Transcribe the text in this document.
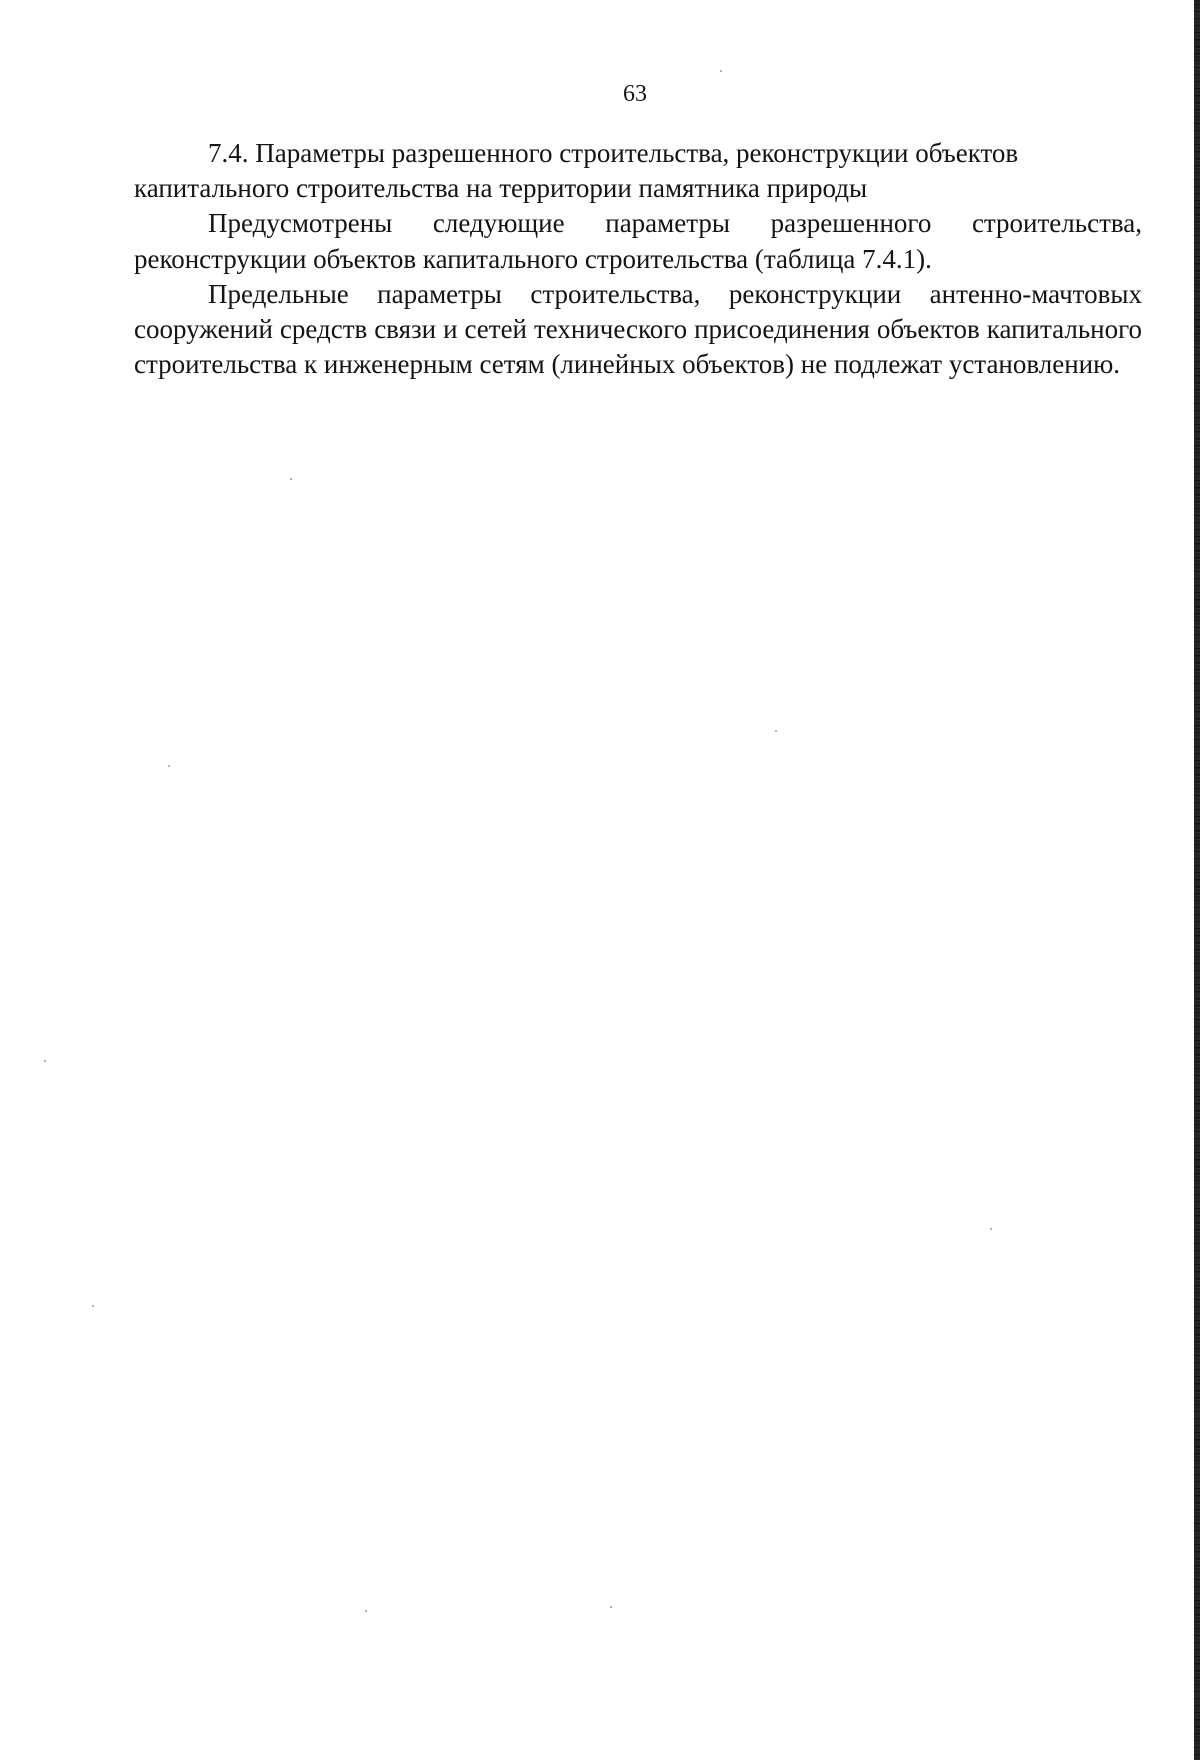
63

7.4. Параметры разрешенного строительства, реконструкции объектов капитального строительства на территории памятника природы

Предусмотрены следующие параметры разрешенного строительства, реконструкции объектов капитального строительства (таблица 7.4.1).

Предельные параметры строительства, реконструкции антенно-мачтовых сооружений средств связи и сетей технического присоединения объектов капитального строительства к инженерным сетям (линейных объектов) не подлежат установлению.
